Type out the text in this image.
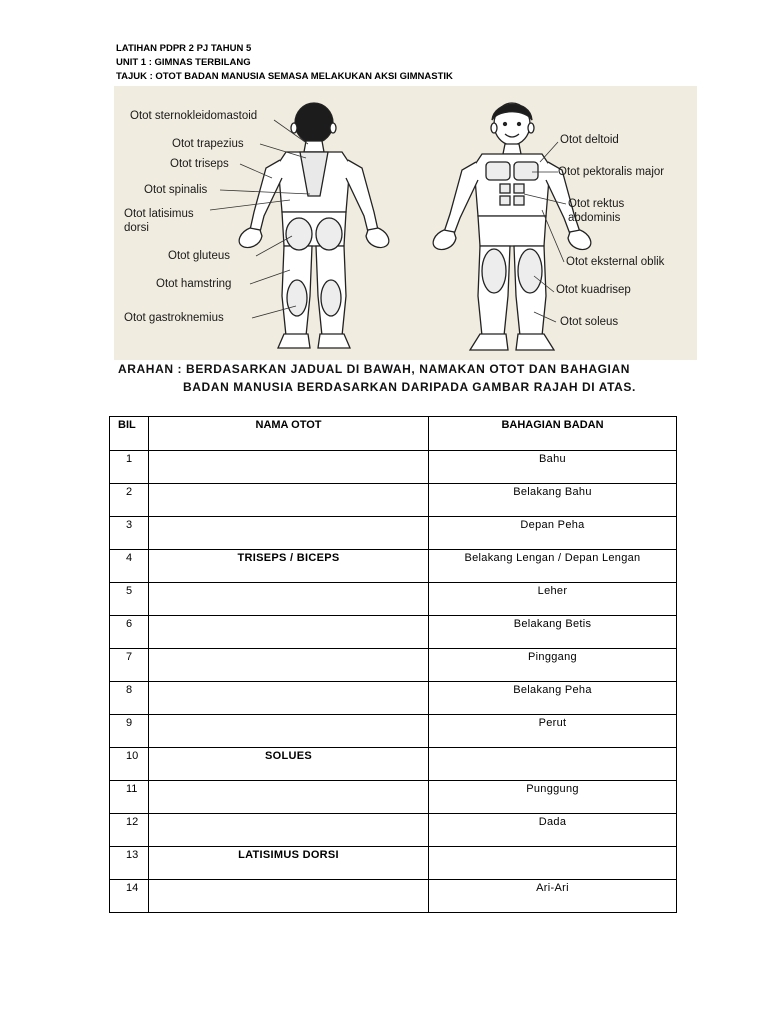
LATIHAN PDPR 2 PJ TAHUN 5
UNIT 1 : GIMNAS TERBILANG
TAJUK : OTOT BADAN MANUSIA SEMASA MELAKUKAN AKSI GIMNASTIK
Otot sternokleidomastoid
Otot trapezius
Otot triseps
Otot spinalis
Otot latisimus
dorsi
Otot gluteus
Otot hamstring
Otot gastroknemius
Otot deltoid
Otot pektoralis major
Otot rektus
abdominis
Otot eksternal oblik
Otot kuadrisep
Otot soleus
ARAHAN : BERDASARKAN JADUAL DI BAWAH, NAMAKAN OTOT DAN BAHAGIAN
BADAN MANUSIA BERDASARKAN DARIPADA GAMBAR RAJAH DI ATAS.
BIL	NAMA OTOT	BAHAGIAN BADAN
1		Bahu
2		Belakang Bahu
3		Depan Peha
4	TRISEPS / BICEPS	Belakang Lengan / Depan Lengan
5		Leher
6		Belakang Betis
7		Pinggang
8		Belakang Peha
9		Perut
10	SOLUES	
11		Punggung
12		Dada
13	LATISIMUS DORSI	
14		Ari-Ari
